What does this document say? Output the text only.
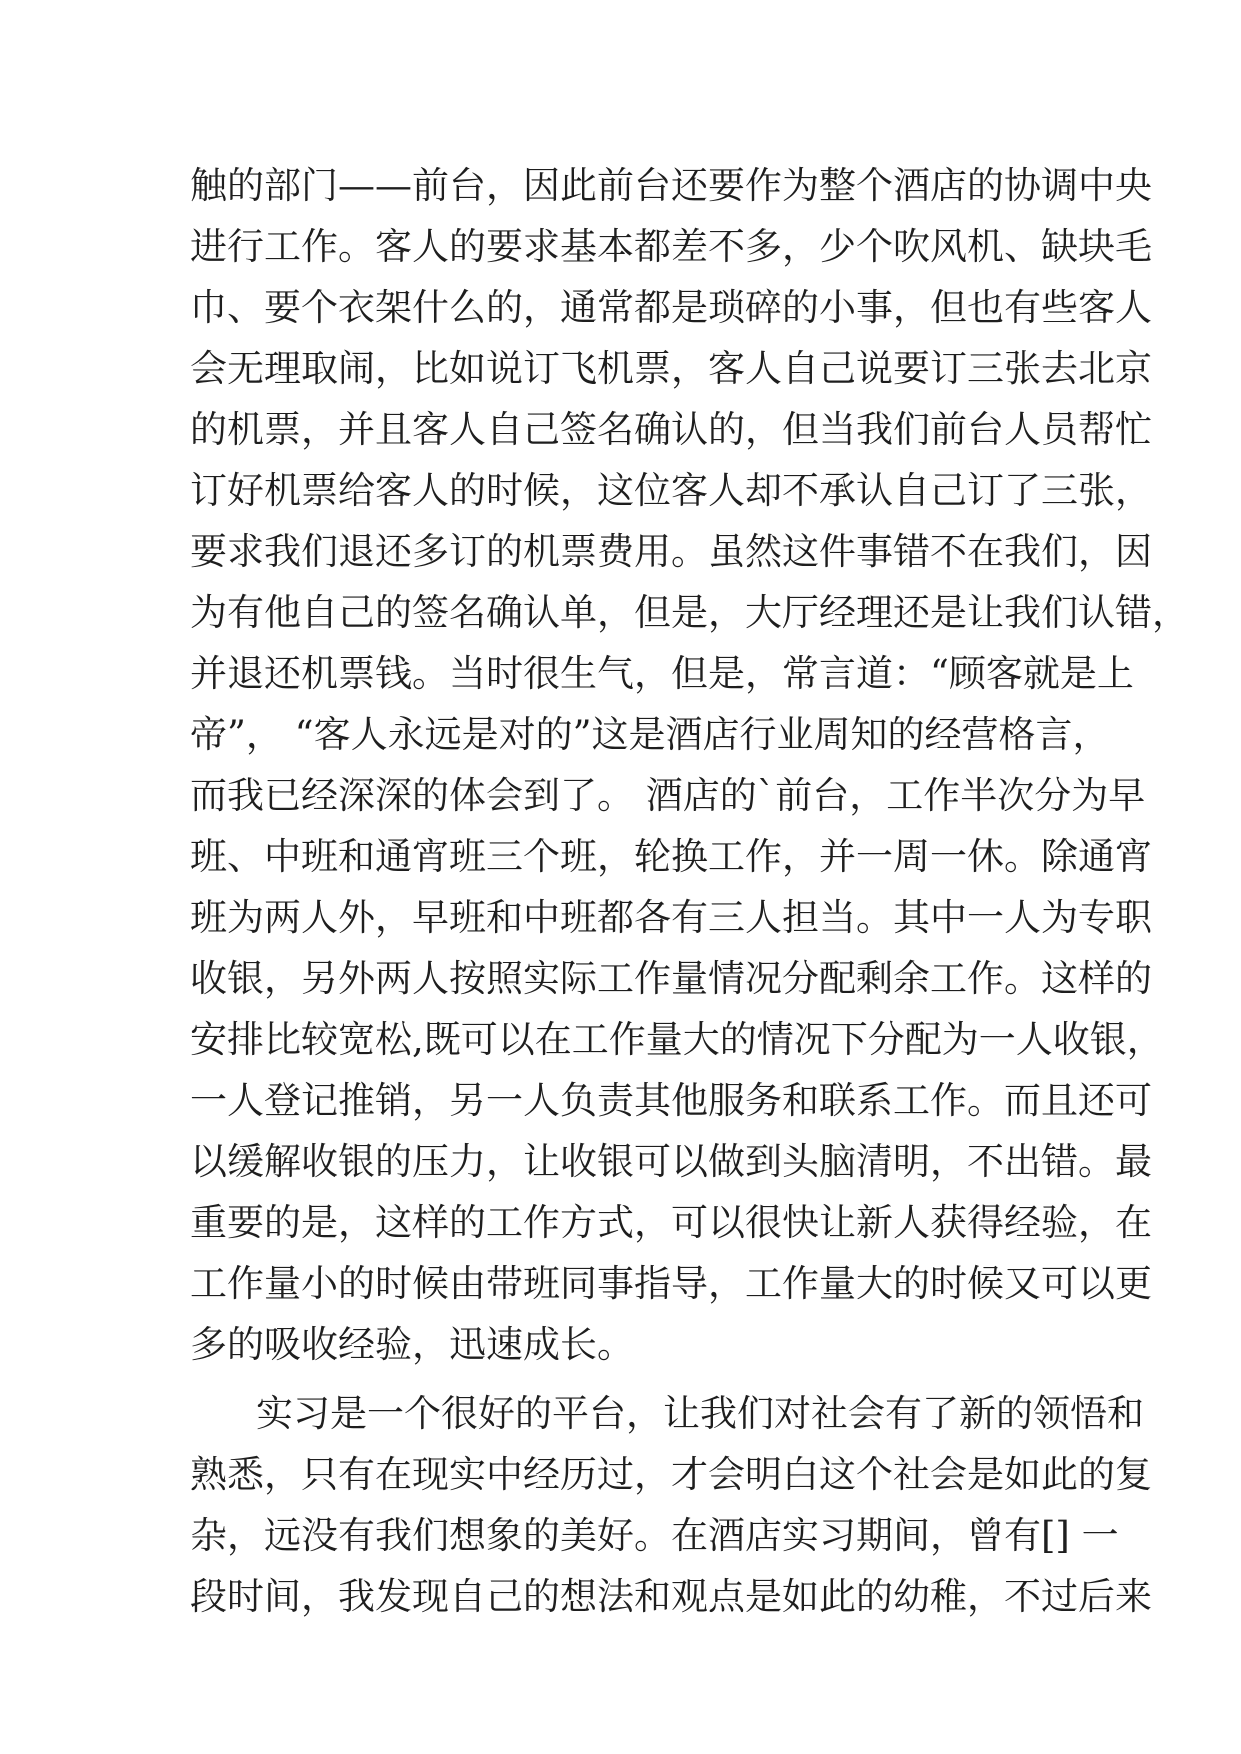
触的部门——前台，因此前台还要作为整个酒店的协调中央
进行工作。客人的要求基本都差不多，少个吹风机、缺块毛
巾、要个衣架什么的，通常都是琐碎的小事，但也有些客人
会无理取闹，比如说订飞机票，客人自己说要订三张去北京
的机票，并且客人自己签名确认的，但当我们前台人员帮忙
订好机票给客人的时候，这位客人却不承认自己订了三张，
要求我们退还多订的机票费用。虽然这件事错不在我们，因
为有他自己的签名确认单，但是，大厅经理还是让我们认错，
并退还机票钱。当时很生气，但是，常言道：“顾客就是上
帝”， “客人永远是对的”这是酒店行业周知的经营格言，
而我已经深深的体会到了。 酒店的`前台，工作半次分为早
班、中班和通宵班三个班，轮换工作，并一周一休。除通宵
班为两人外，早班和中班都各有三人担当。其中一人为专职
收银，另外两人按照实际工作量情况分配剩余工作。这样的
安排比较宽松,既可以在工作量大的情况下分配为一人收银，
一人登记推销，另一人负责其他服务和联系工作。而且还可
以缓解收银的压力，让收银可以做到头脑清明，不出错。最
重要的是，这样的工作方式，可以很快让新人获得经验，在
工作量小的时候由带班同事指导，工作量大的时候又可以更
多的吸收经验，迅速成长。
实习是一个很好的平台，让我们对社会有了新的领悟和
熟悉，只有在现实中经历过，才会明白这个社会是如此的复
杂，远没有我们想象的美好。在酒店实习期间，曾有[] 一
段时间，我发现自己的想法和观点是如此的幼稚，不过后来
